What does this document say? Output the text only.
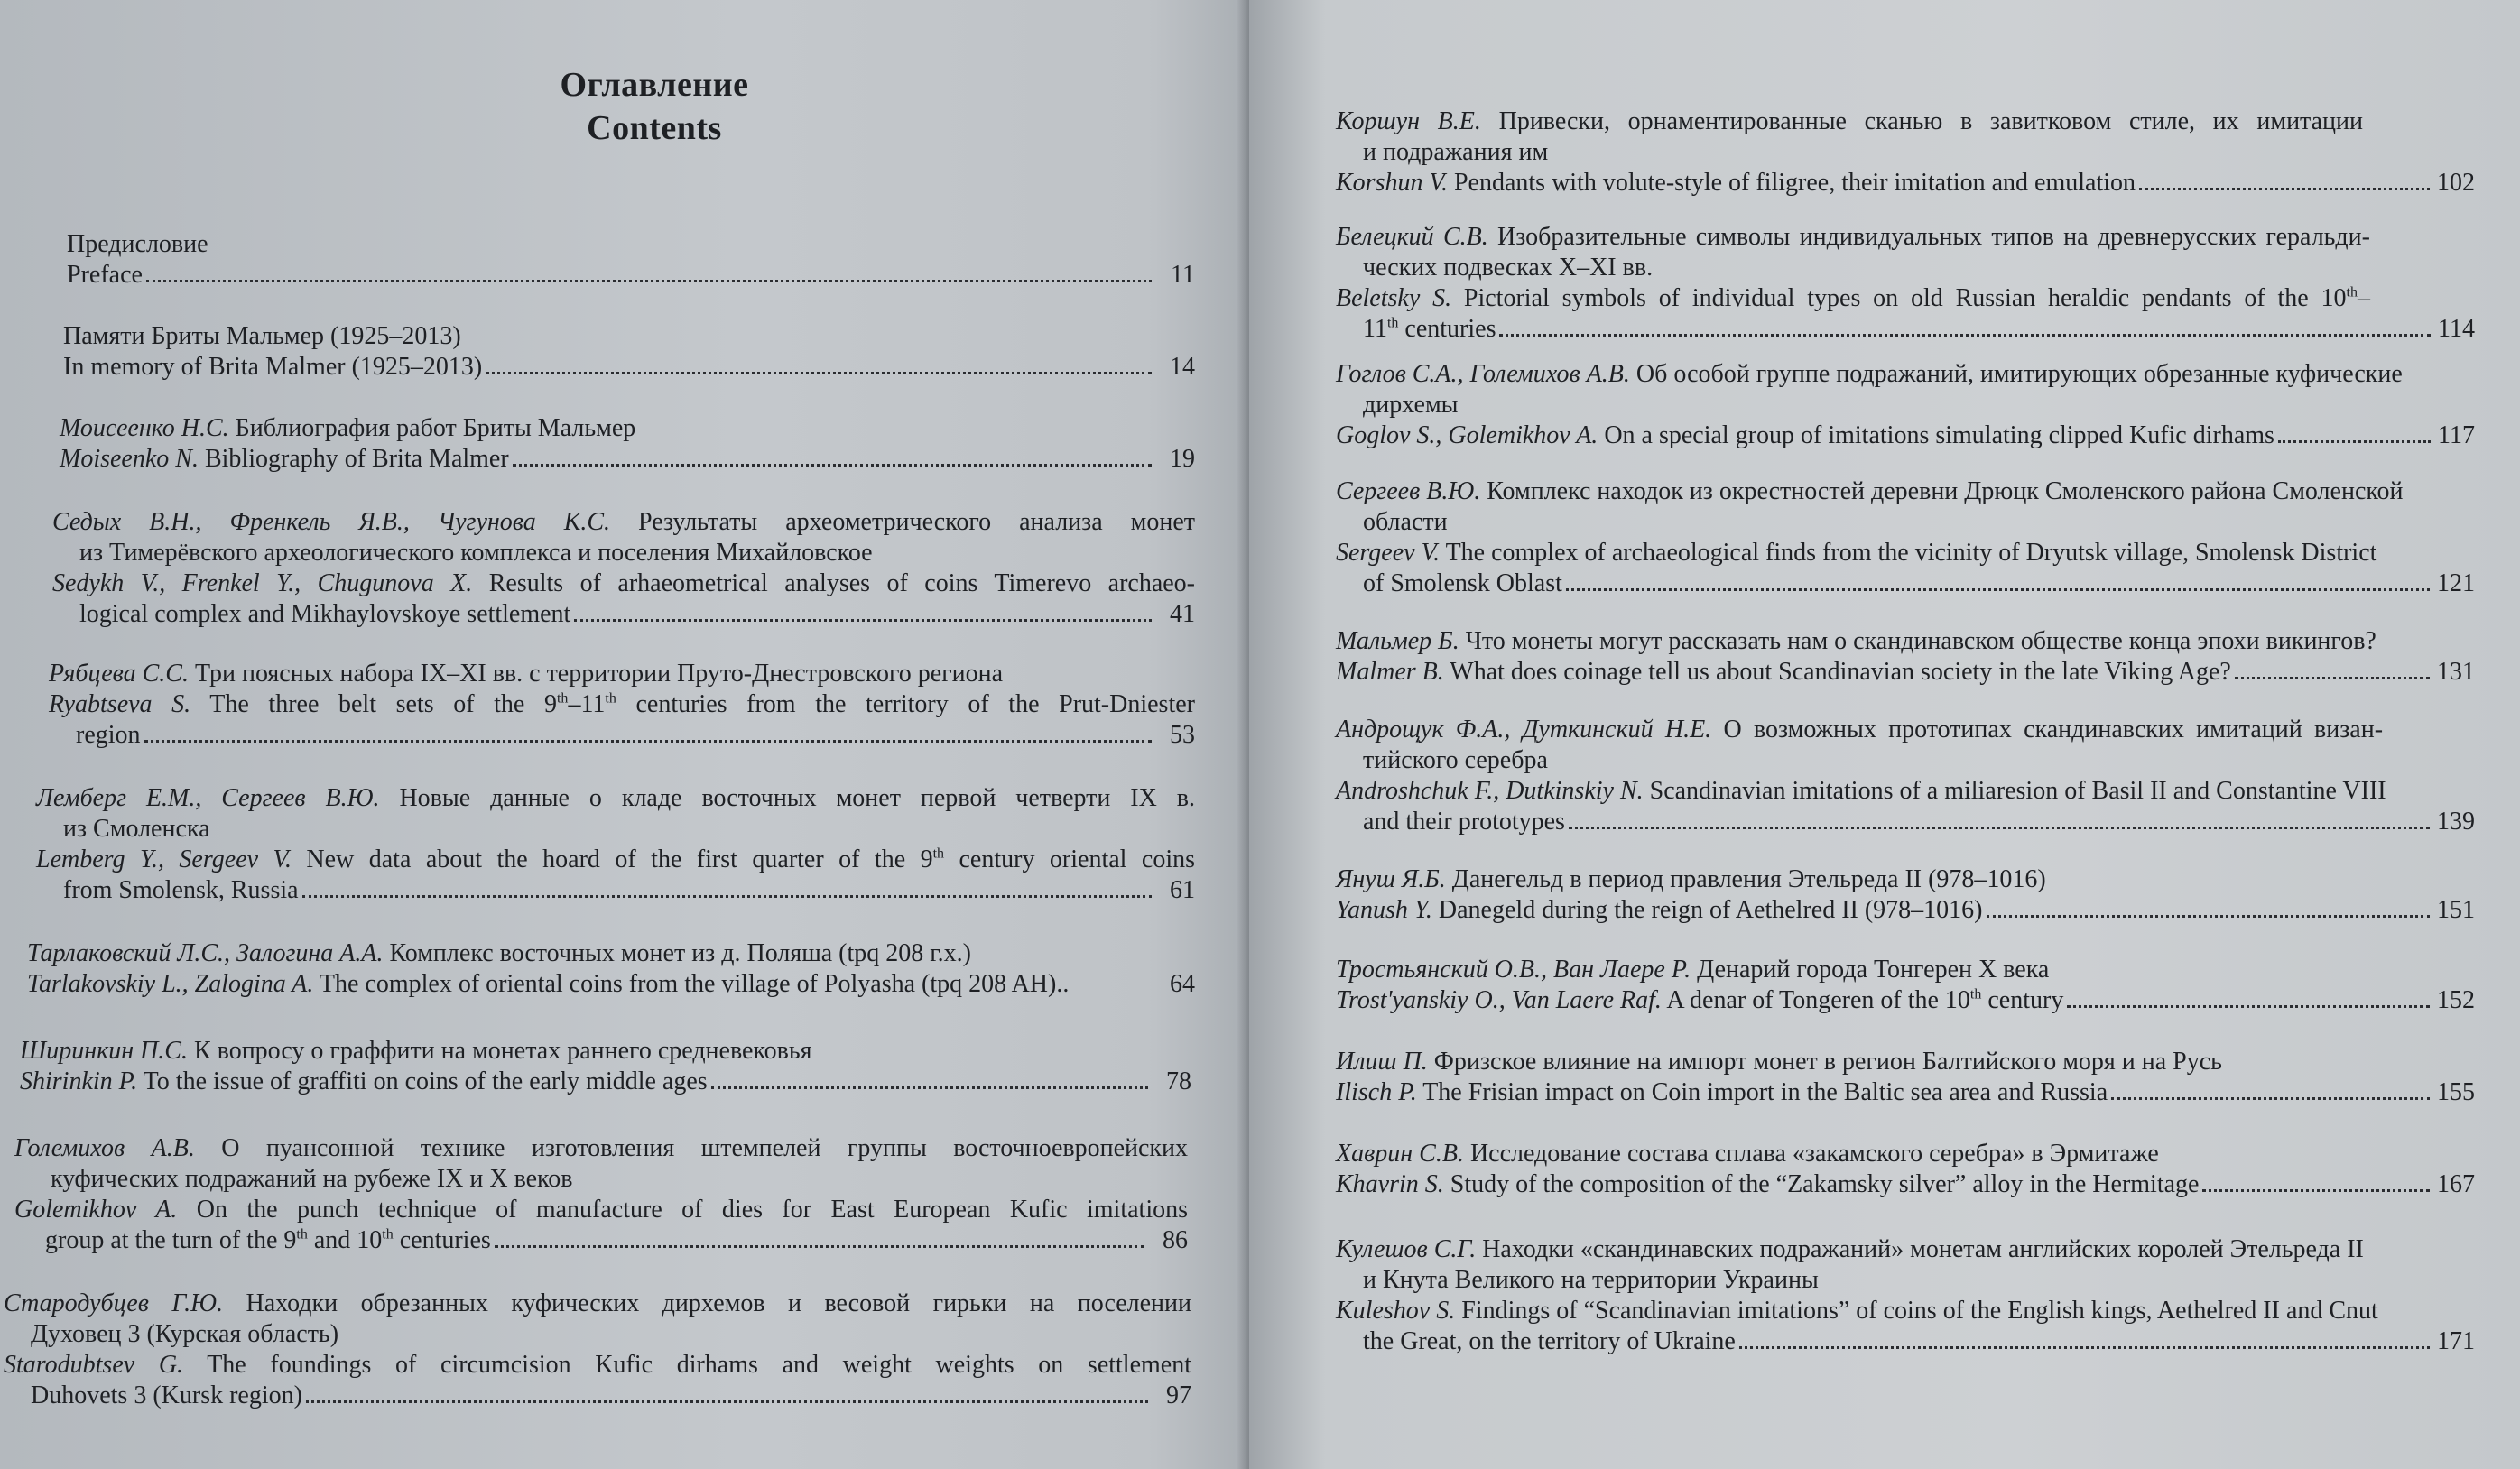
Оглавление
Contents
Предисловие
Preface	11
Памяти Бриты Мальмер (1925–2013)
In memory of Brita Malmer (1925–2013)	14
Моисеенко Н.С. Библиография работ Бриты Мальмер
Moiseenko N. Bibliography of Brita Malmer	19
Седых В.Н., Френкель Я.В., Чугунова К.С. Результаты археометрического анализа монет
из Тимерёвского археологического комплекса и поселения Михайловское
Sedykh V., Frenkel Y., Chugunova X. Results of arhaeometrical analyses of coins Timerevo archaeo-
logical complex and Mikhaylovskoye settlement	41
Рябцева С.С. Три поясных набора IX–XI вв. с территории Пруто-Днестровского региона
Ryabtseva S. The three belt sets of the 9th–11th centuries from the territory of the Prut-Dniester
region	53
Лемберг Е.М., Сергеев В.Ю. Новые данные о кладе восточных монет первой четверти IX в.
из Смоленска
Lemberg Y., Sergeev V. New data about the hoard of the first quarter of the 9th century oriental coins
from Smolensk, Russia	61
Тарлаковский Л.С., Залогина А.А. Комплекс восточных монет из д. Поляша (tpq 208 г.х.)
Tarlakovskiy L., Zalogina A. The complex of oriental coins from the village of Polyasha (tpq 208 AH)..	64
Ширинкин П.С. К вопросу о граффити на монетах раннего средневековья
Shirinkin P. To the issue of graffiti on coins of the early middle ages	78
Големихов А.В. О пуансонной технике изготовления штемпелей группы восточноевропейских
куфических подражаний на рубеже IX и X веков
Golemikhov A. On the punch technique of manufacture of dies for East European Kufic imitations
group at the turn of the 9th and 10th centuries	86
Стародубцев Г.Ю. Находки обрезанных куфических дирхемов и весовой гирьки на поселении
Духовец 3 (Курская область)
Starodubtsev G. The foundings of circumcision Kufic dirhams and weight weights on settlement
Duhovets 3 (Kursk region)	97
Коршун В.Е. Привески, орнаментированные сканью в завитковом стиле, их имитации
и подражания им
Korshun V. Pendants with volute-style of filigree, their imitation and emulation	102
Белецкий С.В. Изобразительные символы индивидуальных типов на древнерусских геральди-
ческих подвесках X–XI вв.
Beletsky S. Pictorial symbols of individual types on old Russian heraldic pendants of the 10th–
11th centuries	114
Гоглов С.А., Големихов А.В. Об особой группе подражаний, имитирующих обрезанные куфические
дирхемы
Goglov S., Golemikhov A. On a special group of imitations simulating clipped Kufic dirhams	117
Сергеев В.Ю. Комплекс находок из окрестностей деревни Дрюцк Смоленского района Смоленской
области
Sergeev V. The complex of archaeological finds from the vicinity of Dryutsk village, Smolensk District
of Smolensk Oblast	121
Мальмер Б. Что монеты могут рассказать нам о скандинавском обществе конца эпохи викингов?
Malmer B. What does coinage tell us about Scandinavian society in the late Viking Age?	131
Андрощук Ф.А., Дуткинский Н.Е. О возможных прототипах скандинавских имитаций визан-
тийского серебра
Androshchuk F., Dutkinskiy N. Scandinavian imitations of a miliaresion of Basil II and Constantine VIII
and their prototypes	139
Януш Я.Б. Данегельд в период правления Этельреда II (978–1016)
Yanush Y. Danegeld during the reign of Aethelred II (978–1016)	151
Тростьянский О.В., Ван Лаере Р. Денарий города Тонгерен X века
Trost'yanskiy O., Van Laere Raf. A denar of Tongeren of the 10th century	152
Илиш П. Фризское влияние на импорт монет в регион Балтийского моря и на Русь
Ilisch P. The Frisian impact on Coin import in the Baltic sea area and Russia	155
Хаврин С.В. Исследование состава сплава «закамского серебра» в Эрмитаже
Khavrin S. Study of the composition of the “Zakamsky silver” alloy in the Hermitage	167
Кулешов С.Г. Находки «скандинавских подражаний» монетам английских королей Этельреда II
и Кнута Великого на территории Украины
Kuleshov S. Findings of “Scandinavian imitations” of coins of the English kings, Aethelred II and Cnut
the Great, on the territory of Ukraine	171
